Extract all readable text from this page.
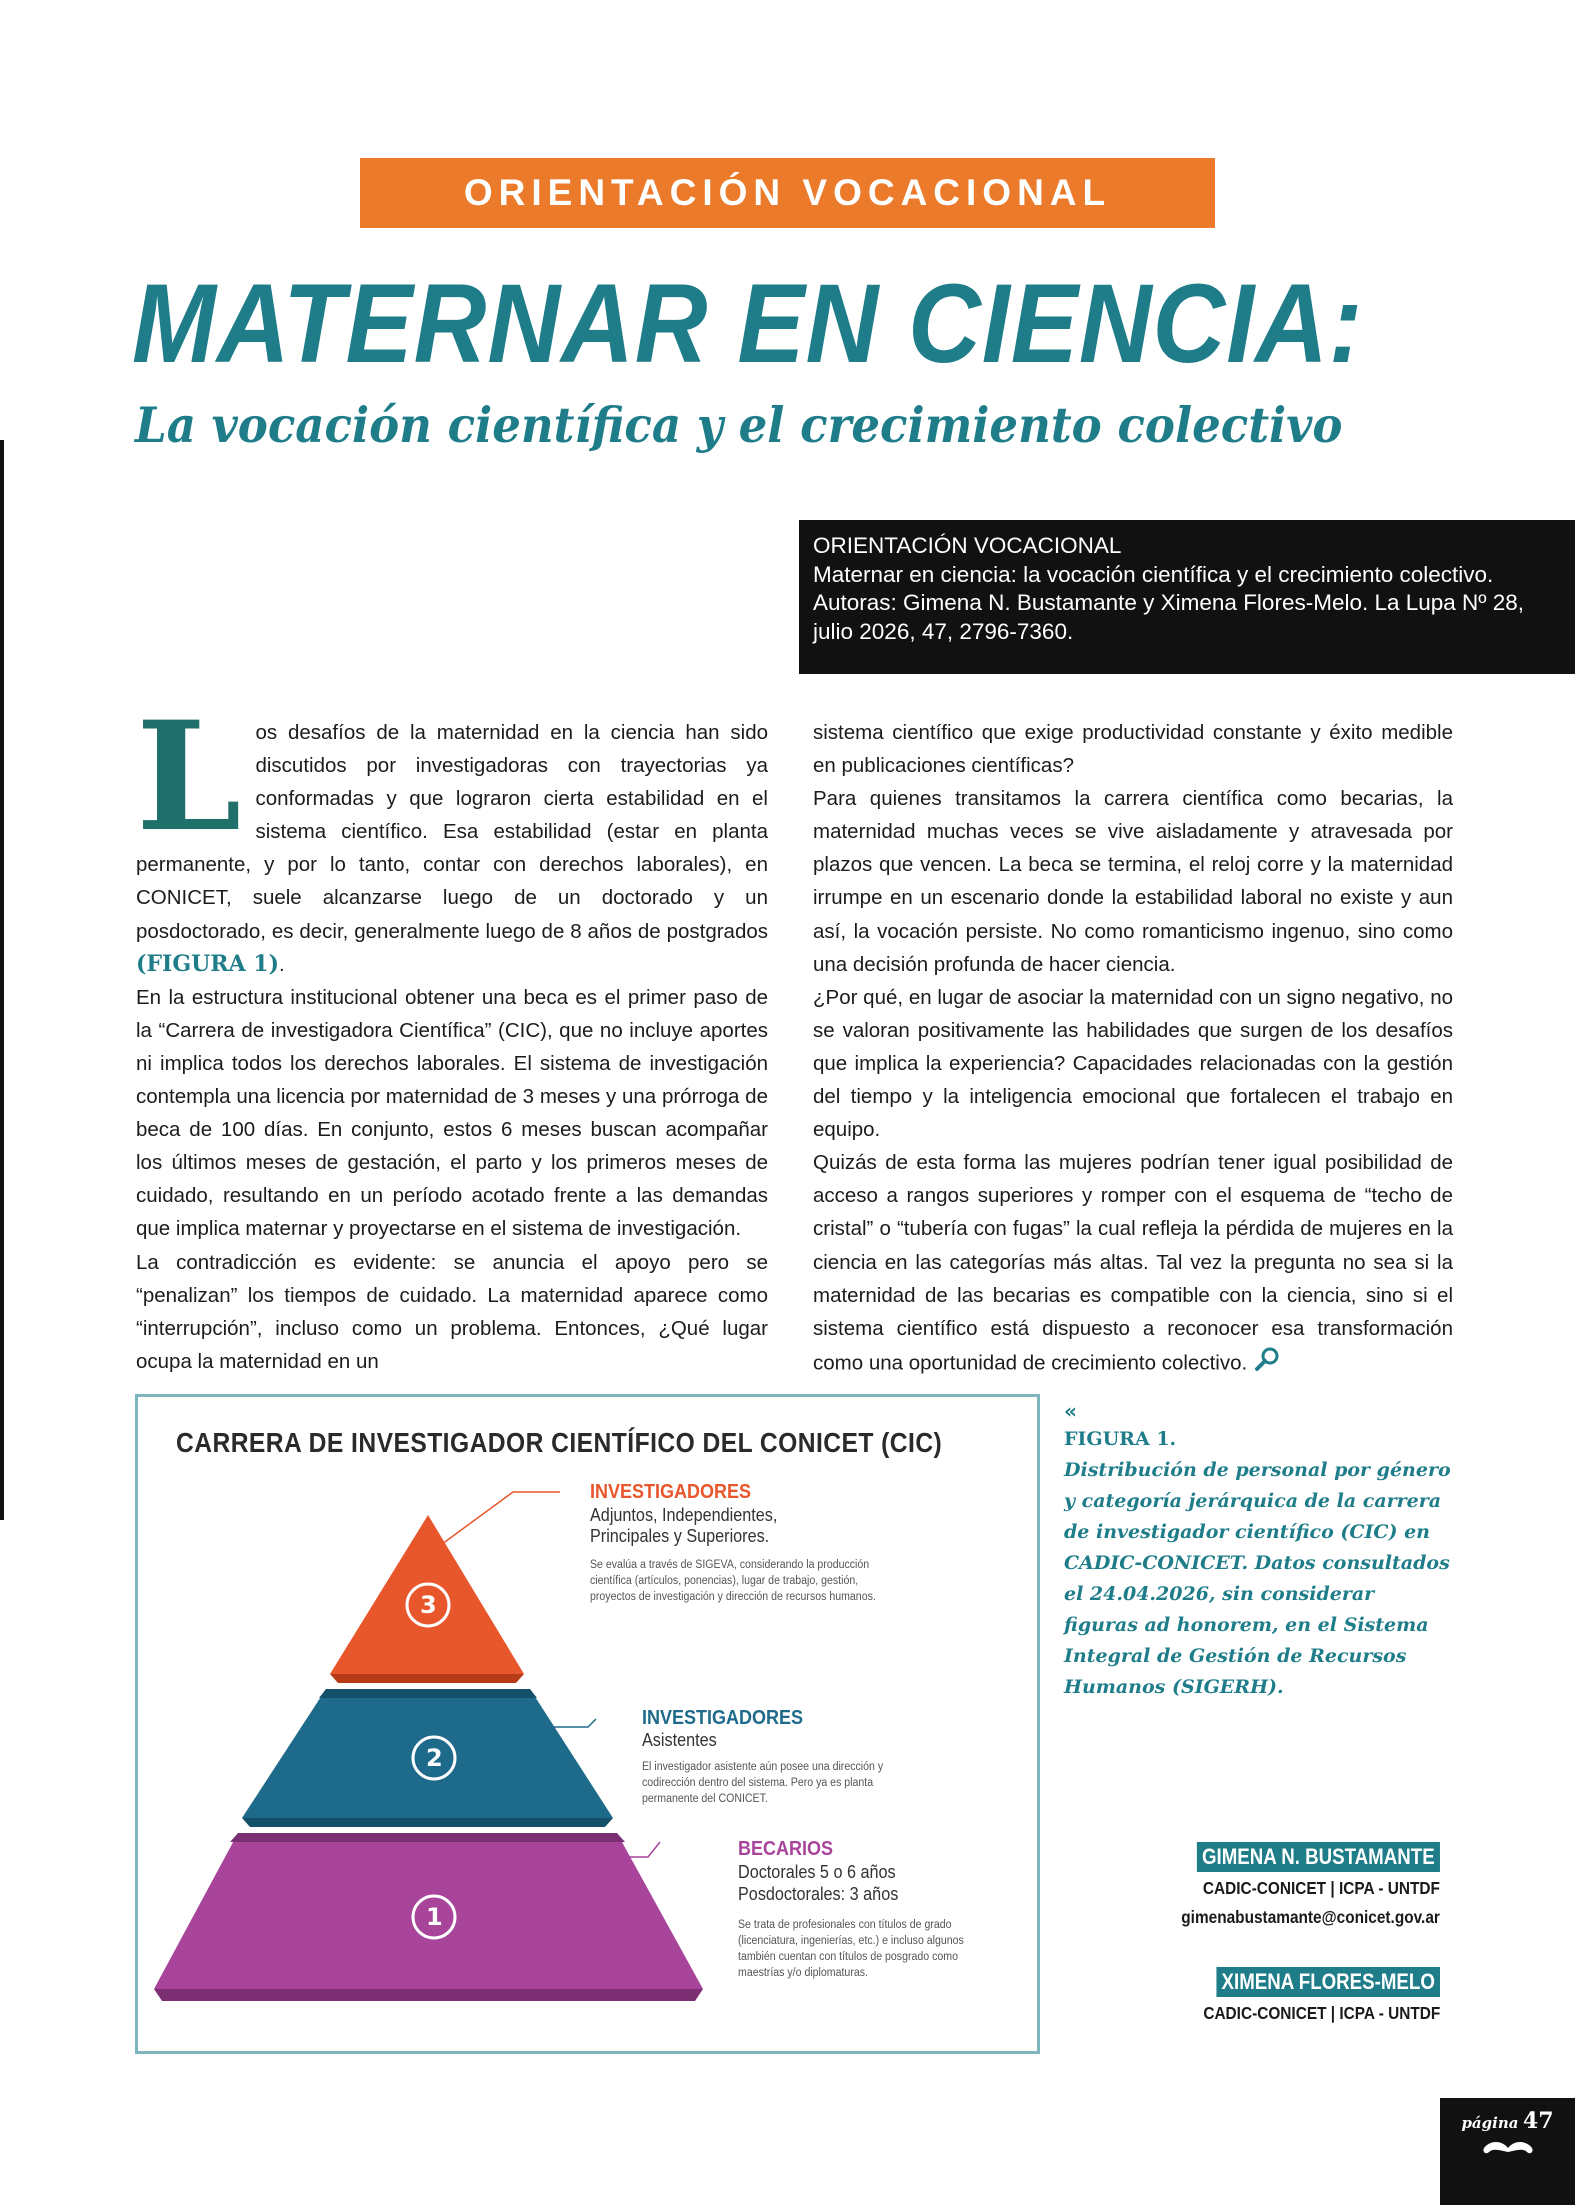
ORIENTACIÓN VOCACIONAL
MATERNAR EN CIENCIA:
La vocación científica y el crecimiento colectivo
ORIENTACIÓN VOCACIONAL
Maternar en ciencia: la vocación científica y el crecimiento colectivo. Autoras: Gimena N. Bustamante y Ximena Flores-Melo. La Lupa Nº 28, julio 2026, 47, 2796-7360.

Los desafíos de la maternidad en la ciencia han sido discutidos por investigadoras con trayectorias ya conformadas y que lograron cierta estabilidad en el sistema científico. Esa estabilidad (estar en planta permanente, y por lo tanto, contar con derechos laborales), en CONICET, suele alcanzarse luego de un doctorado y un posdoctorado, es decir, generalmente luego de 8 años de postgrados (FIGURA 1).

En la estructura institucional obtener una beca es el primer paso de la “Carrera de investigadora Científica” (CIC), que no incluye aportes ni implica todos los derechos laborales. El sistema de investigación contempla una licencia por maternidad de 3 meses y una prórroga de beca de 100 días. En conjunto, estos 6 meses buscan acompañar los últimos meses de gestación, el parto y los primeros meses de cuidado, resultando en un período acotado frente a las demandas que implica maternar y proyectarse en el sistema de investigación.

La contradicción es evidente: se anuncia el apoyo pero se “penalizan” los tiempos de cuidado. La maternidad aparece como “interrupción”, incluso como un problema. Entonces, ¿Qué lugar ocupa la maternidad en un

sistema científico que exige productividad constante y éxito medible en publicaciones científicas?

Para quienes transitamos la carrera científica como becarias, la maternidad muchas veces se vive aisladamente y atravesada por plazos que vencen. La beca se termina, el reloj corre y la maternidad irrumpe en un escenario donde la estabilidad laboral no existe y aun así, la vocación persiste. No como romanticismo ingenuo, sino como una decisión profunda de hacer ciencia.

¿Por qué, en lugar de asociar la maternidad con un signo negativo, no se valoran positivamente las habilidades que surgen de los desafíos que implica la experiencia? Capacidades relacionadas con la gestión del tiempo y la inteligencia emocional que fortalecen el trabajo en equipo.

Quizás de esta forma las mujeres podrían tener igual posibilidad de acceso a rangos superiores y romper con el esquema de “techo de cristal” o “tubería con fugas” la cual refleja la pérdida de mujeres en la ciencia en las categorías más altas. Tal vez la pregunta no sea si la maternidad de las becarias es compatible con la ciencia, sino si el sistema científico está dispuesto a reconocer esa transformación como una oportunidad de crecimiento colectivo.

CARRERA DE INVESTIGADOR CIENTÍFICO DEL CONICET (CIC)
3
2
1
INVESTIGADORES
Adjuntos, Independientes,
Principales y Superiores.
Se evalúa a través de SIGEVA, considerando la producción científica (artículos, ponencias), lugar de trabajo, gestión, proyectos de investigación y dirección de recursos humanos.
INVESTIGADORES
Asistentes
El investigador asistente aún posee una dirección y codirección dentro del sistema. Pero ya es planta permanente del CONICET.
BECARIOS
Doctorales 5 o 6 años
Posdoctorales: 3 años
Se trata de profesionales con títulos de grado (licenciatura, ingenierías, etc.) e incluso algunos también cuentan con títulos de posgrado como maestrías y/o diplomaturas.
«
FIGURA 1.
Distribución de personal por género y categoría jerárquica de la carrera de investigador científico (CIC) en CADIC-CONICET. Datos consultados el 24.04.2026, sin considerar figuras ad honorem, en el Sistema Integral de Gestión de Recursos Humanos (SIGERH).
GIMENA N. BUSTAMANTE
CADIC-CONICET | ICPA - UNTDF
gimenabustamante@conicet.gov.ar
XIMENA FLORES-MELO
CADIC-CONICET | ICPA - UNTDF
página 47
